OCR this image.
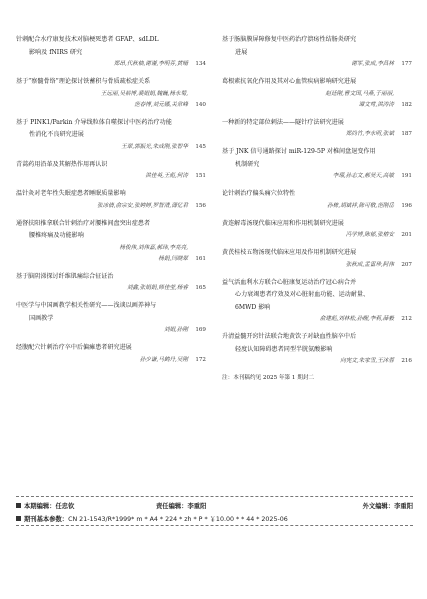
针刺配合水疗康复技术对脑梗死患者 GFAP、sdLDL
影响及 fNIRS 研究
郑昂,代秋柚,谢谨,李明芬,黄晴	134
基于“察髓骨络”理论探讨铁蓄积与骨质疏松症关系
王远丽,吴裕博,裴娟娟,魏巍,杨永菊,
范春博,刘元娜,关常峰	140
基于 PINK1/Parkin 介导线粒体自噬探讨中医药治疗功能
性消化不良研究进展
王翠,郭振光,朱成刚,张智华	145
青蒿药用沿革及其解热作用再认识
洪佳英,王彪,何涛	151
温针灸对老年性失眠症患者睡眠质量影响
张冰倩,俞宗安,张娉婷,罗智清,薄忆君	156
通督扶阳推拿联合针刺治疗对腰椎间盘突出症患者
腰椎疼痛及功能影响
杨俊伟,刘伟嘉,郝玮,李亮亮,
杨娟,闫晓翠	161
基于脑阴涕探讨纤维肌痛综合征证治
刘鑫,张娟娟,师佳莹,杨睿	165
中医学与中国画教学相关性研究——浅谈以画养神与
国画教学
刘娟,孙刚	169
经腹配穴针刺治疗卒中后偏瘫患者研究进展
孙少谦,马鹤丹,吴刚	172
基于肠脑膜屏障修复中医药治疗溃疡性结肠炎研究
进展
谢军,张成,李昌林	177
葛根素抗氧化作用及其对心血管疾病影响研究进展
赵廷刚,曹文国,马燕,于丽丽,
谭文莺,洪涛涛	182
一种新的特定部位刺法——隧针疗法研究进展
郑尚竹,李永明,张斌	187
基于 JNK 信号通路探讨 miR-129-5P 对椎间盘退变作用
机制研究
李璟,孙志文,郝昊天,高敏	191
论针刺治疗偏头痛穴位特性
孙栋,胡斌祥,陈可敬,范刚岳	196
黄连解毒汤现代临床应用和作用机制研究进展
冯学博,陈郁,张椿安	201
黄芪桂枝五物汤现代临床应用及作用机制研究进展
张秋成,孟雷珍,阿伟	207
益气活血利水方联合心脏康复运动治疗冠心病合并
心力衰竭患者疗效及对心脏射血功能、运动耐量、
6MWD 影响
俞建彪,刘林松,孙醒,李莉,薛毅	212
升清益髓开窍针法联合地黄饮子对缺血性脑卒中后
轻度认知障碍患者同型半胱氨酸影响
向宪文,朱家雪,王沐蓉	216
注：本刊稿约见 2025 年第 1 期封二
本期编辑：任忠钦	责任编辑：李重阳	外文编辑：李重阳
期刊基本参数： CN 21-1543/R*1999* m * A4 * 224 * zh * P * ￥10.00 * * 44 * 2025-06
